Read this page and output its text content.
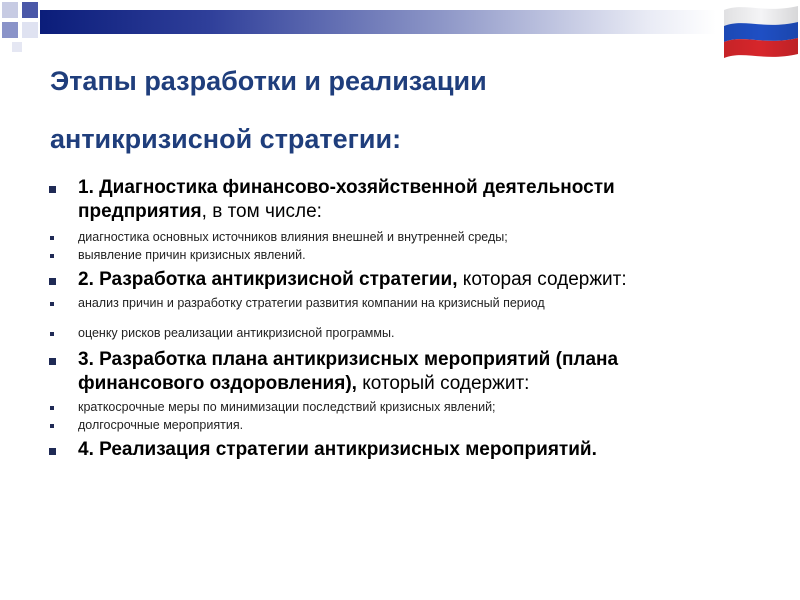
Этапы разработки и реализации
антикризисной стратегии:
1. Диагностика финансово-хозяйственной деятельности предприятия, в том числе:
диагностика основных источников влияния внешней и внутренней среды;
выявление причин кризисных явлений.
2. Разработка антикризисной стратегии, которая содержит:
анализ причин и разработку стратегии развития компании на кризисный период
оценку рисков реализации антикризисной программы.
3. Разработка плана антикризисных мероприятий (плана финансового оздоровления), который содержит:
краткосрочные меры по минимизации последствий кризисных явлений;
долгосрочные мероприятия.
4. Реализация стратегии антикризисных мероприятий.
